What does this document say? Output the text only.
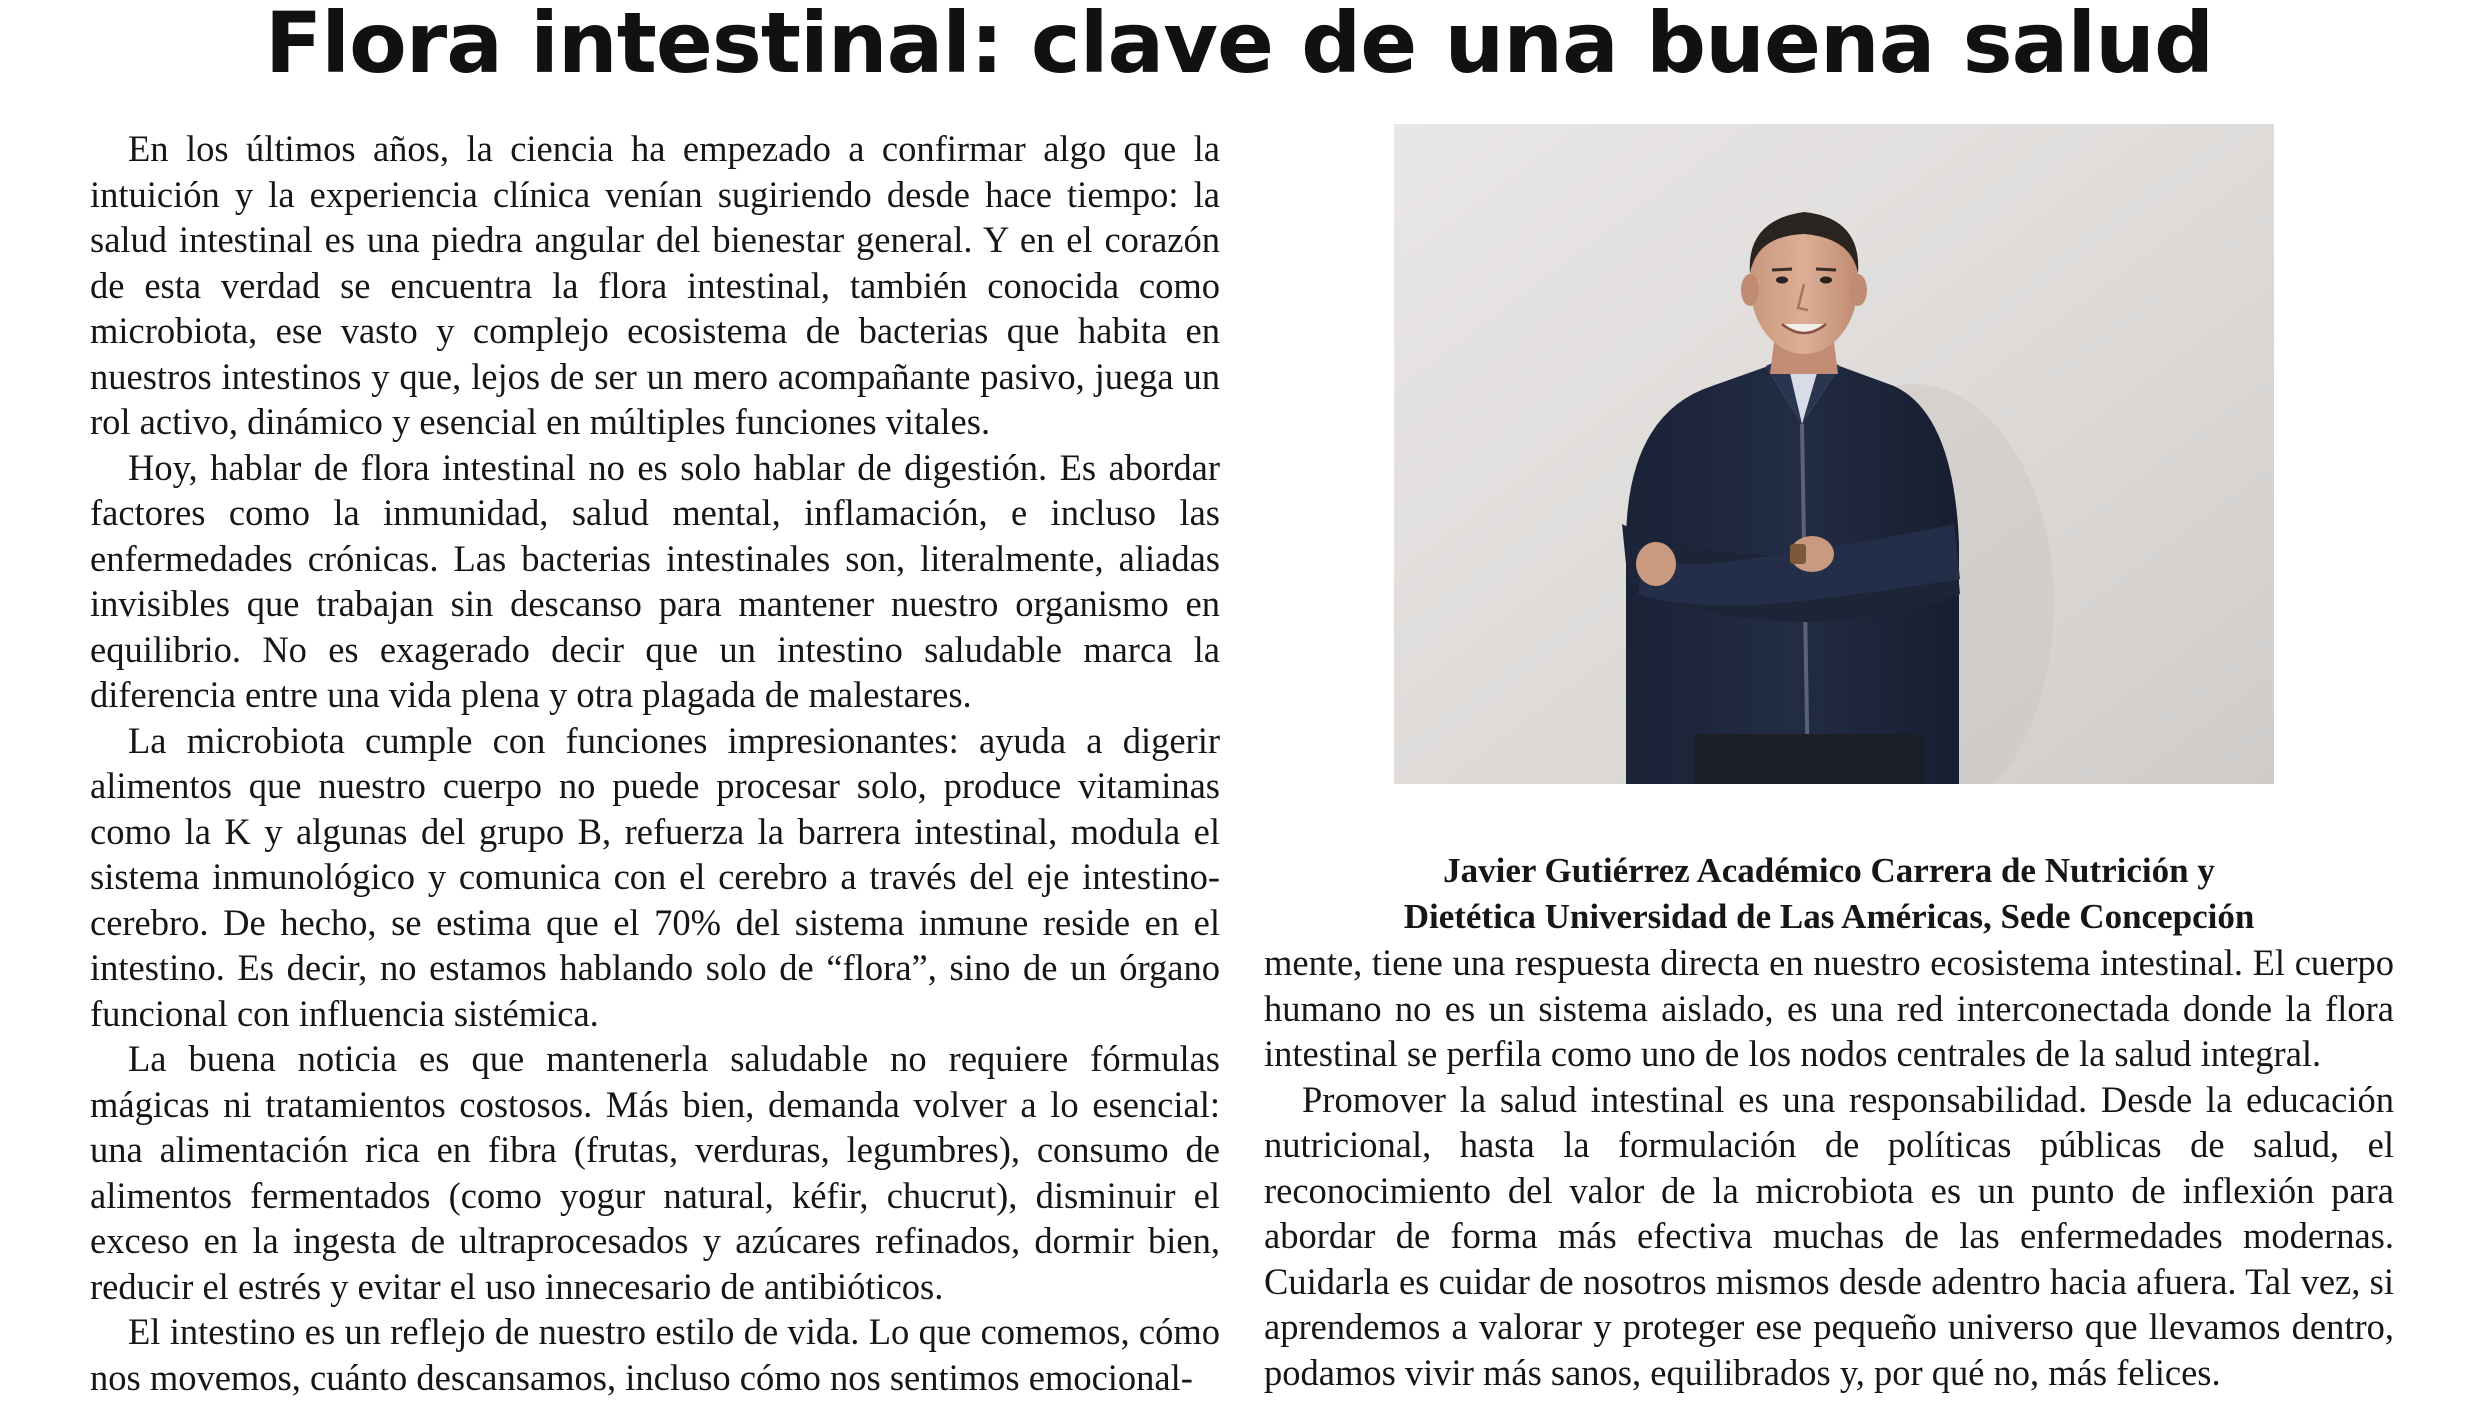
Flora intestinal: clave de una buena salud

En los últimos años, la ciencia ha empezado a confirmar algo que la intuición y la experiencia clínica venían sugiriendo desde hace tiempo: la salud intestinal es una piedra angular del bienestar general. Y en el corazón de esta verdad se encuentra la flora intestinal, también conocida como microbiota, ese vasto y complejo ecosistema de bacterias que habita en nuestros intestinos y que, lejos de ser un mero acompañante pasivo, juega un rol activo, dinámico y esencial en múltiples funciones vitales.

Hoy, hablar de flora intestinal no es solo hablar de digestión. Es abordar factores como la inmunidad, salud mental, inflamación, e incluso las enfermedades crónicas. Las bacterias intestinales son, literalmente, aliadas invisibles que trabajan sin descanso para mantener nuestro organismo en equilibrio. No es exagerado decir que un intestino saludable marca la diferencia entre una vida plena y otra plagada de malestares.

La microbiota cumple con funciones impresionantes: ayuda a digerir alimentos que nuestro cuerpo no puede procesar solo, produce vitaminas como la K y algunas del grupo B, refuerza la barrera intestinal, modula el sistema inmunológico y comunica con el cerebro a través del eje intestino-cerebro. De hecho, se estima que el 70% del sistema inmune reside en el intestino. Es decir, no estamos hablando solo de “flora”, sino de un órgano funcional con influencia sistémica.

La buena noticia es que mantenerla saludable no requiere fórmulas mágicas ni tratamientos costosos. Más bien, demanda volver a lo esencial: una alimentación rica en fibra (frutas, verduras, legumbres), consumo de alimentos fermentados (como yogur natural, kéfir, chucrut), disminuir el exceso en la ingesta de ultraprocesados y azúcares refinados, dormir bien, reducir el estrés y evitar el uso innecesario de antibióticos.

El intestino es un reflejo de nuestro estilo de vida. Lo que comemos, cómo nos movemos, cuánto descansamos, incluso cómo nos sentimos emocional-

Javier Gutiérrez Académico Carrera de Nutrición y
Dietética Universidad de Las Américas, Sede Concepción

mente, tiene una respuesta directa en nuestro ecosistema intestinal. El cuerpo humano no es un sistema aislado, es una red interconectada donde la flora intestinal se perfila como uno de los nodos centrales de la salud integral.

Promover la salud intestinal es una responsabilidad. Desde la educación nutricional, hasta la formulación de políticas públicas de salud, el reconocimiento del valor de la microbiota es un punto de inflexión para abordar de forma más efectiva muchas de las enfermedades modernas. Cuidarla es cuidar de nosotros mismos desde adentro hacia afuera. Tal vez, si aprendemos a valorar y proteger ese pequeño universo que llevamos dentro, podamos vivir más sanos, equilibrados y, por qué no, más felices.
